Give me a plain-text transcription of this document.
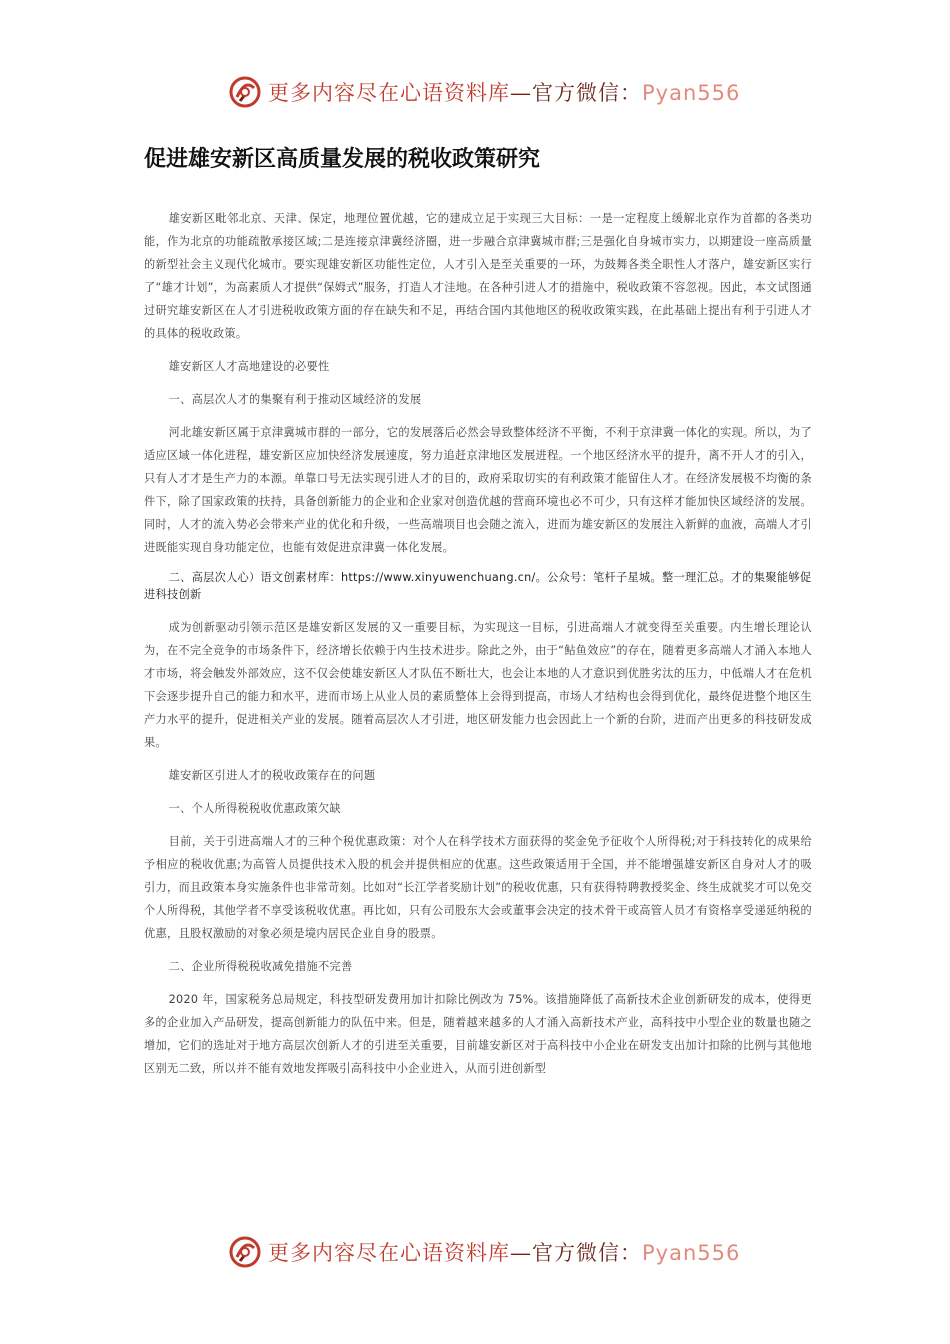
更多内容尽在心语资料库—官方微信：Pyan556
促进雄安新区高质量发展的税收政策研究

雄安新区毗邻北京、天津、保定，地理位置优越，它的建成立足于实现三大目标：一是一定程度上缓解北京作为首都的各类功能，作为北京的功能疏散承接区域;二是连接京津冀经济圈，进一步融合京津冀城市群;三是强化自身城市实力，以期建设一座高质量的新型社会主义现代化城市。要实现雄安新区功能性定位，人才引入是至关重要的一环，为鼓舞各类全职性人才落户，雄安新区实行了“雄才计划”，为高素质人才提供“保姆式”服务，打造人才洼地。在各种引进人才的措施中，税收政策不容忽视。因此，本文试图通过研究雄安新区在人才引进税收政策方面的存在缺失和不足，再结合国内其他地区的税收政策实践，在此基础上提出有利于引进人才的具体的税收政策。

雄安新区人才高地建设的必要性

一、高层次人才的集聚有利于推动区域经济的发展

河北雄安新区属于京津冀城市群的一部分，它的发展落后必然会导致整体经济不平衡，不利于京津冀一体化的实现。所以，为了适应区域一体化进程，雄安新区应加快经济发展速度，努力追赶京津地区发展进程。一个地区经济水平的提升，离不开人才的引入，只有人才才是生产力的本源。单靠口号无法实现引进人才的目的，政府采取切实的有利政策才能留住人才。在经济发展极不均衡的条件下，除了国家政策的扶持，具备创新能力的企业和企业家对创造优越的营商环境也必不可少，只有这样才能加快区域经济的发展。同时，人才的流入势必会带来产业的优化和升级，一些高端项目也会随之流入，进而为雄安新区的发展注入新鲜的血液，高端人才引进既能实现自身功能定位，也能有效促进京津冀一体化发展。

二、高层次人心）语文创素材库：https://www.xinyuwenchuang.cn/。公众号：笔杆子星城。整一理汇总。才的集聚能够促进科技创新

成为创新驱动引领示范区是雄安新区发展的又一重要目标，为实现这一目标，引进高端人才就变得至关重要。内生增长理论认为，在不完全竞争的市场条件下，经济增长依赖于内生技术进步。除此之外，由于“鲇鱼效应”的存在，随着更多高端人才涌入本地人才市场，将会触发外部效应，这不仅会使雄安新区人才队伍不断壮大，也会让本地的人才意识到优胜劣汰的压力，中低端人才在危机下会逐步提升自己的能力和水平，进而市场上从业人员的素质整体上会得到提高，市场人才结构也会得到优化，最终促进整个地区生产力水平的提升，促进相关产业的发展。随着高层次人才引进，地区研发能力也会因此上一个新的台阶，进而产出更多的科技研发成果。

雄安新区引进人才的税收政策存在的问题

一、个人所得税税收优惠政策欠缺

目前，关于引进高端人才的三种个税优惠政策：对个人在科学技术方面获得的奖金免予征收个人所得税;对于科技转化的成果给予相应的税收优惠;为高管人员提供技术入股的机会并提供相应的优惠。这些政策适用于全国，并不能增强雄安新区自身对人才的吸引力，而且政策本身实施条件也非常苛刻。比如对“长江学者奖励计划”的税收优惠，只有获得特聘教授奖金、终生成就奖才可以免交个人所得税，其他学者不享受该税收优惠。再比如，只有公司股东大会或董事会决定的技术骨干或高管人员才有资格享受递延纳税的优惠，且股权激励的对象必须是境内居民企业自身的股票。

二、企业所得税税收减免措施不完善

2020 年，国家税务总局规定，科技型研发费用加计扣除比例改为 75%。该措施降低了高新技术企业创新研发的成本，使得更多的企业加入产品研发，提高创新能力的队伍中来。但是，随着越来越多的人才涌入高新技术产业，高科技中小型企业的数量也随之增加，它们的选址对于地方高层次创新人才的引进至关重要，目前雄安新区对于高科技中小企业在研发支出加计扣除的比例与其他地区别无二致，所以并不能有效地发挥吸引高科技中小企业进入，从而引进创新型

更多内容尽在心语资料库—官方微信：Pyan556
